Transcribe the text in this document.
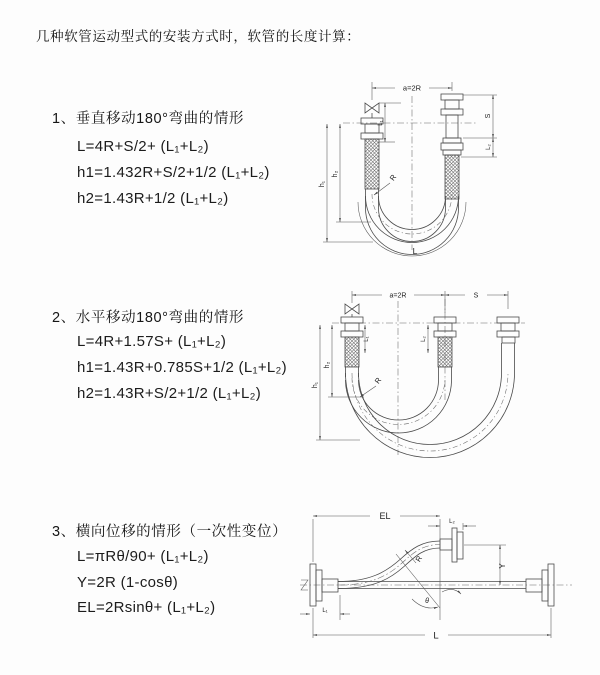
几种软管运动型式的安装方式时，软管的长度计算：
1、垂直移动180°弯曲的情形
L=4R+S/2+ (L₁+L₂)
h1=1.432R+S/2+1/2 (L₁+L₂)
h2=1.43R+1/2 (L₁+L₂)
2、水平移动180°弯曲的情形
L=4R+1.57S+ (L₁+L₂)
h1=1.43R+0.785S+1/2 (L₁+L₂)
h2=1.43R+S/2+1/2 (L₁+L₂)
3、横向位移的情形（一次性变位）
L=πRθ/90+ (L₁+L₂)
Y=2R (1-cosθ)
EL=2Rsinθ+ (L₁+L₂)
a=2R
h₁
h₂
L₁
S
L₂
R
L
a=2R	S
h₁
h₂
L₁	L₂
R
EL
L₂
Y
L
L₁
R
θ
